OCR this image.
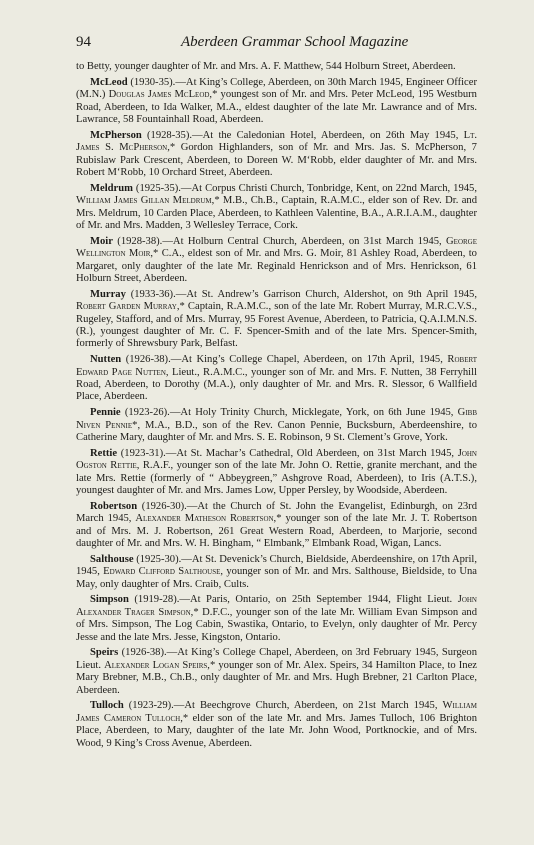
94	Aberdeen Grammar School Magazine

to Betty, younger daughter of Mr. and Mrs. A. F. Matthew, 544 Holburn Street, Aberdeen.

McLeod (1930-35).—At King’s College, Aberdeen, on 30th March 1945, Engineer Officer (M.N.) Douglas James McLeod,* youngest son of Mr. and Mrs. Peter McLeod, 195 Westburn Road, Aberdeen, to Ida Walker, M.A., eldest daughter of the late Mr. Lawrance and of Mrs. Lawrance, 58 Fountainhall Road, Aberdeen.

McPherson (1928-35).—At the Caledonian Hotel, Aberdeen, on 26th May 1945, Lt. James S. McPherson,* Gordon Highlanders, son of Mr. and Mrs. Jas. S. McPherson, 7 Rubislaw Park Crescent, Aberdeen, to Doreen W. M‘Robb, elder daughter of Mr. and Mrs. Robert M‘Robb, 10 Orchard Street, Aberdeen.

Meldrum (1925-35).—At Corpus Christi Church, Tonbridge, Kent, on 22nd March, 1945, William James Gillan Meldrum,* M.B., Ch.B., Captain, R.A.M.C., elder son of Rev. Dr. and Mrs. Meldrum, 10 Carden Place, Aberdeen, to Kathleen Valentine, B.A., A.R.I.A.M., daughter of Mr. and Mrs. Madden, 3 Wellesley Terrace, Cork.

Moir (1928-38).—At Holburn Central Church, Aberdeen, on 31st March 1945, George Wellington Moir,* C.A., eldest son of Mr. and Mrs. G. Moir, 81 Ashley Road, Aberdeen, to Margaret, only daughter of the late Mr. Reginald Henrickson and of Mrs. Henrickson, 61 Holburn Street, Aberdeen.

Murray (1933-36).—At St. Andrew’s Garrison Church, Aldershot, on 9th April 1945, Robert Garden Murray,* Captain, R.A.M.C., son of the late Mr. Robert Murray, M.R.C.V.S., Rugeley, Stafford, and of Mrs. Murray, 95 Forest Avenue, Aberdeen, to Patricia, Q.A.I.M.N.S. (R.), youngest daughter of Mr. C. F. Spencer-Smith and of the late Mrs. Spencer-Smith, formerly of Shrewsbury Park, Belfast.

Nutten (1926-38).—At King’s College Chapel, Aberdeen, on 17th April, 1945, Robert Edward Page Nutten, Lieut., R.A.M.C., younger son of Mr. and Mrs. F. Nutten, 38 Ferryhill Road, Aberdeen, to Dorothy (M.A.), only daughter of Mr. and Mrs. R. Slessor, 6 Wallfield Place, Aberdeen.

Pennie (1923-26).—At Holy Trinity Church, Micklegate, York, on 6th June 1945, Gibb Niven Pennie*, M.A., B.D., son of the Rev. Canon Pennie, Bucksburn, Aberdeenshire, to Catherine Mary, daughter of Mr. and Mrs. S. E. Robinson, 9 St. Clement’s Grove, York.

Rettie (1923-31).—At St. Machar’s Cathedral, Old Aberdeen, on 31st March 1945, John Ogston Rettie, R.A.F., younger son of the late Mr. John O. Rettie, granite merchant, and the late Mrs. Rettie (formerly of “ Abbeygreen,” Ashgrove Road, Aberdeen), to Iris (A.T.S.), youngest daughter of Mr. and Mrs. James Low, Upper Persley, by Woodside, Aberdeen.

Robertson (1926-30).—At the Church of St. John the Evangelist, Edinburgh, on 23rd March 1945, Alexander Matheson Robertson,* younger son of the late Mr. J. T. Robertson and of Mrs. M. J. Robertson, 261 Great Western Road, Aberdeen, to Marjorie, second daughter of Mr. and Mrs. W. H. Bingham, “ Elmbank,” Elmbank Road, Wigan, Lancs.

Salthouse (1925-30).—At St. Devenick’s Church, Bieldside, Aberdeenshire, on 17th April, 1945, Edward Clifford Salthouse, younger son of Mr. and Mrs. Salthouse, Bieldside, to Una May, only daughter of Mrs. Craib, Cults.

Simpson (1919-28).—At Paris, Ontario, on 25th September 1944, Flight Lieut. John Alexander Trager Simpson,* D.F.C., younger son of the late Mr. William Evan Simpson and of Mrs. Simpson, The Log Cabin, Swastika, Ontario, to Evelyn, only daughter of Mr. Percy Jesse and the late Mrs. Jesse, Kingston, Ontario.

Speirs (1926-38).—At King’s College Chapel, Aberdeen, on 3rd February 1945, Surgeon Lieut. Alexander Logan Speirs,* younger son of Mr. Alex. Speirs, 34 Hamilton Place, to Inez Mary Brebner, M.B., Ch.B., only daughter of Mr. and Mrs. Hugh Brebner, 21 Carlton Place, Aberdeen.

Tulloch (1923-29).—At Beechgrove Church, Aberdeen, on 21st March 1945, William James Cameron Tulloch,* elder son of the late Mr. and Mrs. James Tulloch, 106 Brighton Place, Aberdeen, to Mary, daughter of the late Mr. John Wood, Portknockie, and of Mrs. Wood, 9 King’s Cross Avenue, Aberdeen.
